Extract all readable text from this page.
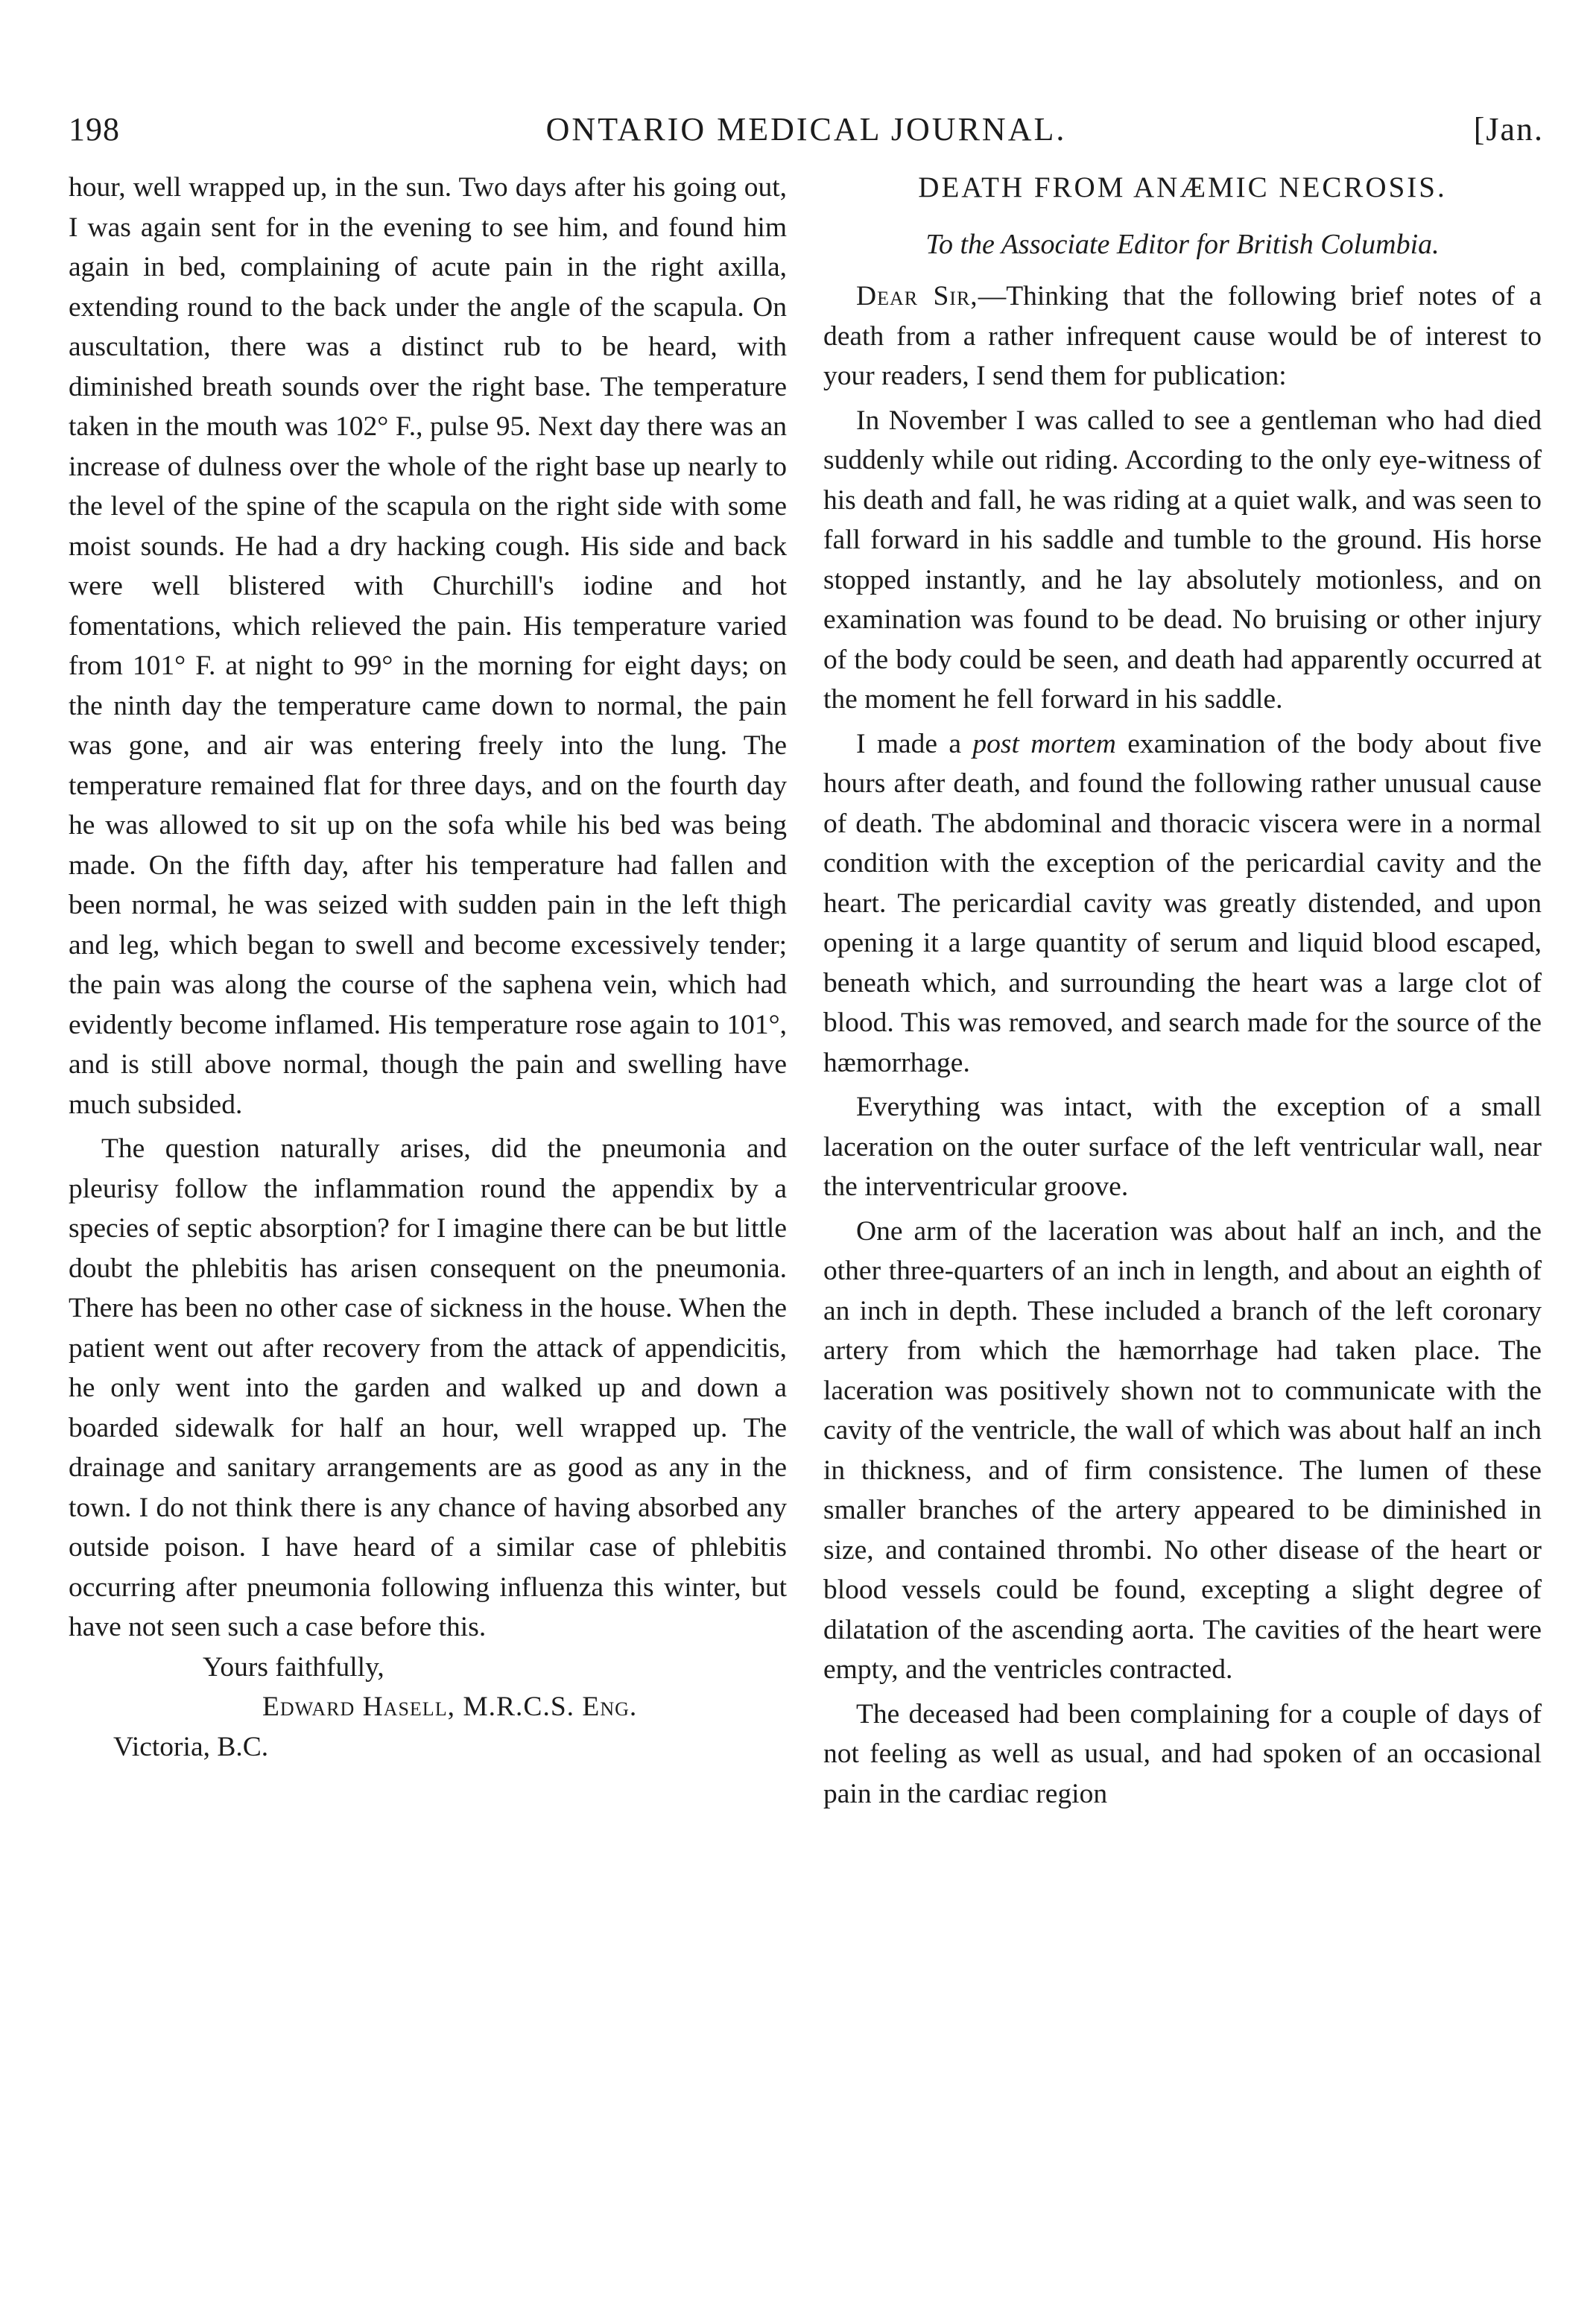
198	ONTARIO MEDICAL JOURNAL.	[Jan.

hour, well wrapped up, in the sun. Two days after his going out, I was again sent for in the evening to see him, and found him again in bed, complaining of acute pain in the right axilla, extending round to the back under the angle of the scapula. On auscultation, there was a distinct rub to be heard, with diminished breath sounds over the right base. The temperature taken in the mouth was 102° F., pulse 95. Next day there was an increase of dulness over the whole of the right base up nearly to the level of the spine of the scapula on the right side with some moist sounds. He had a dry hacking cough. His side and back were well blistered with Churchill's iodine and hot fomentations, which relieved the pain. His temperature varied from 101° F. at night to 99° in the morning for eight days; on the ninth day the temperature came down to normal, the pain was gone, and air was entering freely into the lung. The temperature remained flat for three days, and on the fourth day he was allowed to sit up on the sofa while his bed was being made. On the fifth day, after his temperature had fallen and been normal, he was seized with sudden pain in the left thigh and leg, which began to swell and become excessively tender; the pain was along the course of the saphena vein, which had evidently become inflamed. His temperature rose again to 101°, and is still above normal, though the pain and swelling have much subsided.

The question naturally arises, did the pneumonia and pleurisy follow the inflammation round the appendix by a species of septic absorption? for I imagine there can be but little doubt the phlebitis has arisen consequent on the pneumonia. There has been no other case of sickness in the house. When the patient went out after recovery from the attack of appendicitis, he only went into the garden and walked up and down a boarded sidewalk for half an hour, well wrapped up. The drainage and sanitary arrangements are as good as any in the town. I do not think there is any chance of having absorbed any outside poison. I have heard of a similar case of phlebitis occurring after pneumonia following influenza this winter, but have not seen such a case before this.

Yours faithfully,

Edward Hasell, M.R.C.S. Eng.

Victoria, B.C.

DEATH FROM ANÆMIC NECROSIS.

To the Associate Editor for British Columbia.

Dear Sir,—Thinking that the following brief notes of a death from a rather infrequent cause would be of interest to your readers, I send them for publication:

In November I was called to see a gentleman who had died suddenly while out riding. According to the only eye-witness of his death and fall, he was riding at a quiet walk, and was seen to fall forward in his saddle and tumble to the ground. His horse stopped instantly, and he lay absolutely motionless, and on examination was found to be dead. No bruising or other injury of the body could be seen, and death had apparently occurred at the moment he fell forward in his saddle.

I made a post mortem examination of the body about five hours after death, and found the following rather unusual cause of death. The abdominal and thoracic viscera were in a normal condition with the exception of the pericardial cavity and the heart. The pericardial cavity was greatly distended, and upon opening it a large quantity of serum and liquid blood escaped, beneath which, and surrounding the heart was a large clot of blood. This was removed, and search made for the source of the hæmorrhage.

Everything was intact, with the exception of a small laceration on the outer surface of the left ventricular wall, near the interventricular groove.

One arm of the laceration was about half an inch, and the other three-quarters of an inch in length, and about an eighth of an inch in depth. These included a branch of the left coronary artery from which the hæmorrhage had taken place. The laceration was positively shown not to communicate with the cavity of the ventricle, the wall of which was about half an inch in thickness, and of firm consistence. The lumen of these smaller branches of the artery appeared to be diminished in size, and contained thrombi. No other disease of the heart or blood vessels could be found, excepting a slight degree of dilatation of the ascending aorta. The cavities of the heart were empty, and the ventricles contracted.

The deceased had been complaining for a couple of days of not feeling as well as usual, and had spoken of an occasional pain in the cardiac region
